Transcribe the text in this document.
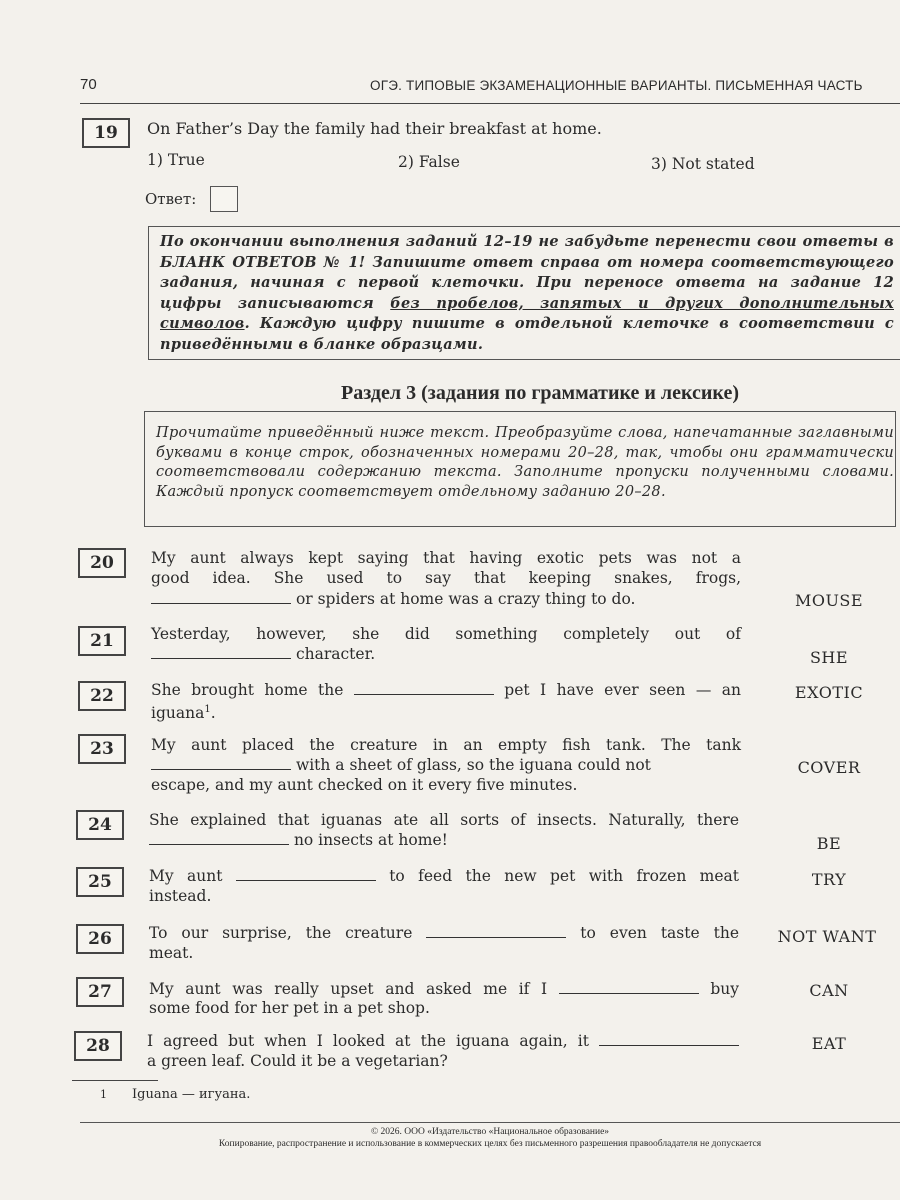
70	ОГЭ. ТИПОВЫЕ ЭКЗАМЕНАЦИОННЫЕ ВАРИАНТЫ. ПИСЬМЕННАЯ ЧАСТЬ
19	On Father’s Day the family had their breakfast at home.
1) True	2) False	3) Not stated
Ответ:
По окончании выполнения заданий 12–19 не забудьте перенести свои ответы в БЛАНК ОТВЕТОВ № 1! Запишите ответ справа от номера соответствующего задания, начиная с первой клеточки. При переносе ответа на задание 12 цифры записываются без пробелов, запятых и других дополнительных символов. Каждую цифру пишите в отдельной клеточке в соответствии с приведёнными в бланке образцами.
Раздел 3 (задания по грамматике и лексике)
Прочитайте приведённый ниже текст. Преобразуйте слова, напечатанные заглавными буквами в конце строк, обозначенных номерами 20–28, так, чтобы они грамматически соответствовали содержанию текста. Заполните пропуски полученными словами. Каждый пропуск соответствует отдельному заданию 20–28.
20	My aunt always kept saying that having exotic pets was not a
good idea. She used to say that keeping snakes, frogs,
or spiders at home was a crazy thing to do.	MOUSE
21	Yesterday, however, she did something completely out of
character.	SHE
22	She brought home the	pet I have ever seen — an
iguana$^1$.
EXOTIC
23	My aunt placed the creature in an empty fish tank. The tank
with a sheet of glass, so the iguana could not
escape, and my aunt checked on it every five minutes.
COVER
24	She explained that iguanas ate all sorts of insects. Naturally, there
no insects at home!	BE
25	My aunt	to feed the new pet with frozen meat
instead.
TRY
26	To our surprise, the creature	to even taste the
meat.
NOT WANT
27	My aunt was really upset and asked me if I	buy
some food for her pet in a pet shop.
CAN
28	I agreed but when I looked at the iguana again, it
a green leaf. Could it be a vegetarian?
EAT
1 Iguana — игуана.
© 2026. ООО «Издательство «Национальное образование»
Копирование, распространение и использование в коммерческих целях без письменного разрешения правообладателя не допускается
